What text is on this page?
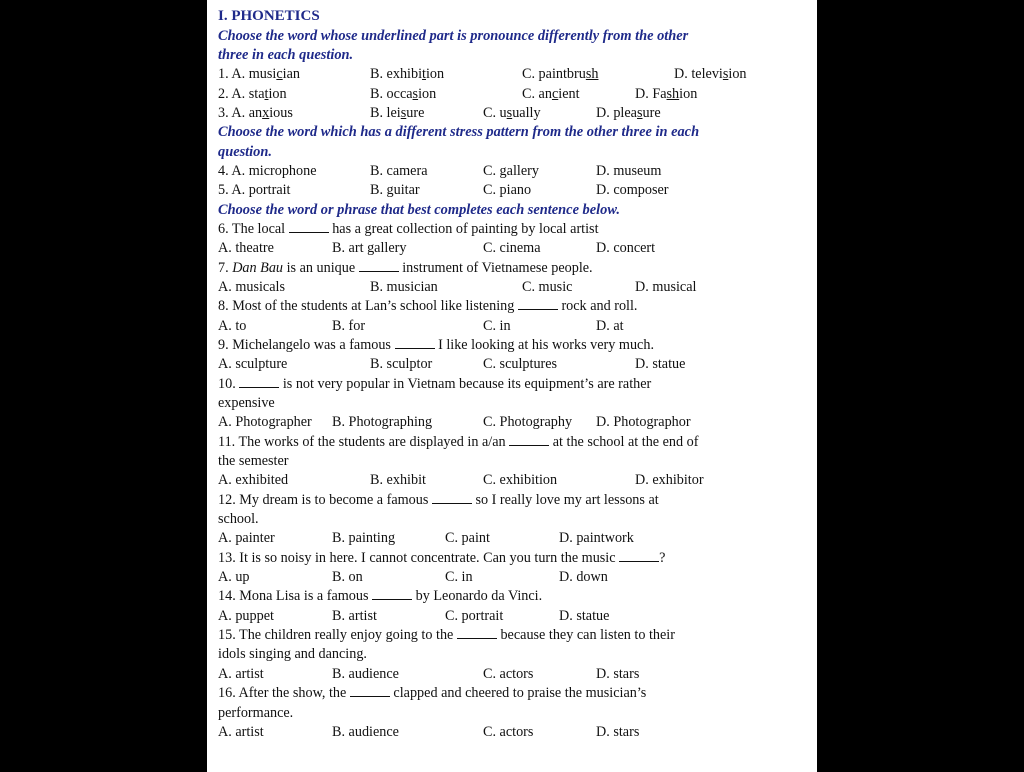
I. PHONETICS
Choose the word whose underlined part is pronounce differently from the other
three in each question.
1. A. musician	B. exhibition	C. paintbrush	D. television
2. A. station	B. occasion	C. ancient	D. Fashion
3. A. anxious	B. leisure	C. usually	D. pleasure
Choose the word which has a different stress pattern from the other three in each
question.
4. A. microphone	B. camera	C. gallery	D. museum
5. A. portrait	B. guitar	C. piano	D. composer
Choose the word or phrase that best completes each sentence below.
6. The local	has a great collection of painting by local artist
A. theatre	B. art gallery	C. cinema	D. concert
7. Dan Bau is an unique	instrument of Vietnamese people.
A. musicals	B. musician	C. music	D. musical
8. Most of the students at Lan’s school like listening	rock and roll.
A. to	B. for	C. in	D. at
9. Michelangelo was a famous	I like looking at his works very much.
A. sculpture	B. sculptor	C. sculptures	D. statue
10.	is not very popular in Vietnam because its equipment’s are rather
expensive
A. Photographer B. Photographing	C. Photography D. Photographor
11. The works of the students are displayed in a/an	at the school at the end of
the semester
A. exhibited	B. exhibit	C. exhibition	D. exhibitor
12. My dream is to become a famous	so I really love my art lessons at
school.
A. painter	B. painting	C. paint	D. paintwork
13. It is so noisy in here. I cannot concentrate. Can you turn the music	?
A. up	B. on	C. in	D. down
14. Mona Lisa is a famous	by Leonardo da Vinci.
A. puppet	B. artist	C. portrait	D. statue
15. The children really enjoy going to the	because they can listen to their
idols singing and dancing.
A. artist	B. audience	C. actors	D. stars
16. After the show, the	clapped and cheered to praise the musician’s
performance.
A. artist	B. audience	C. actors	D. stars
